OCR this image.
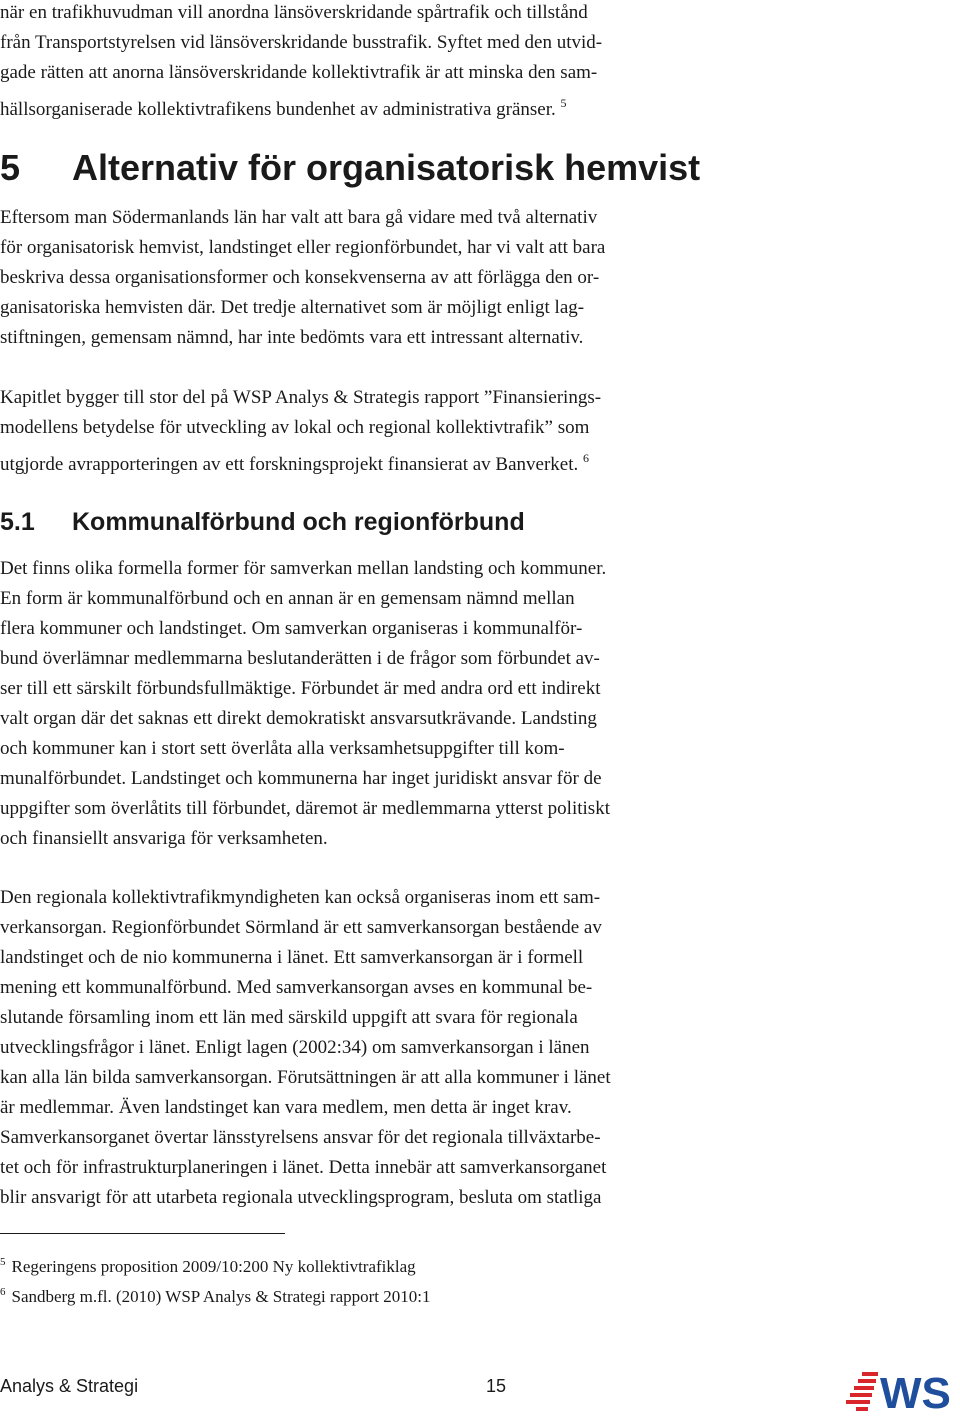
när en trafikhuvudman vill anordna länsöverskridande spårtrafik och tillstånd

från Transportstyrelsen vid länsöverskridande busstrafik. Syftet med den utvid-

gade rätten att anorna länsöverskridande kollektivtrafik är att minska den sam-

hällsorganiserade kollektivtrafikens bundenhet av administrativa gränser. $^5$

5 Alternativ för organisatorisk hemvist

Eftersom man Södermanlands län har valt att bara gå vidare med två alternativ

för organisatorisk hemvist, landstinget eller regionförbundet, har vi valt att bara

beskriva dessa organisationsformer och konsekvenserna av att förlägga den or-

ganisatoriska hemvisten där. Det tredje alternativet som är möjligt enligt lag-

stiftningen, gemensam nämnd, har inte bedömts vara ett intressant alternativ.

Kapitlet bygger till stor del på WSP Analys & Strategis rapport ”Finansierings-

modellens betydelse för utveckling av lokal och regional kollektivtrafik” som

utgjorde avrapporteringen av ett forskningsprojekt finansierat av Banverket. $^6$

5.1 Kommunalförbund och regionförbund

Det finns olika formella former för samverkan mellan landsting och kommuner.

En form är kommunalförbund och en annan är en gemensam nämnd mellan

flera kommuner och landstinget. Om samverkan organiseras i kommunalför-

bund överlämnar medlemmarna beslutanderätten i de frågor som förbundet av-

ser till ett särskilt förbundsfullmäktige. Förbundet är med andra ord ett indirekt

valt organ där det saknas ett direkt demokratiskt ansvarsutkrävande. Landsting

och kommuner kan i stort sett överlåta alla verksamhetsuppgifter till kom-

munalförbundet. Landstinget och kommunerna har inget juridiskt ansvar för de

uppgifter som överlåtits till förbundet, däremot är medlemmarna ytterst politiskt

och finansiellt ansvariga för verksamheten.

Den regionala kollektivtrafikmyndigheten kan också organiseras inom ett sam-

verkansorgan. Regionförbundet Sörmland är ett samverkansorgan bestående av

landstinget och de nio kommunerna i länet. Ett samverkansorgan är i formell

mening ett kommunalförbund. Med samverkansorgan avses en kommunal be-

slutande församling inom ett län med särskild uppgift att svara för regionala

utvecklingsfrågor i länet. Enligt lagen (2002:34) om samverkansorgan i länen

kan alla län bilda samverkansorgan. Förutsättningen är att alla kommuner i länet

är medlemmar. Även landstinget kan vara medlem, men detta är inget krav.

Samverkansorganet övertar länsstyrelsens ansvar för det regionala tillväxtarbe-

tet och för infrastrukturplaneringen i länet. Detta innebär att samverkansorganet

blir ansvarigt för att utarbeta regionala utvecklingsprogram, besluta om statliga

$^5$ Regeringens proposition 2009/10:200 Ny kollektivtrafiklag

$^6$ Sandberg m.fl. (2010) WSP Analys & Strategi rapport 2010:1

Analys & Strategi	15	WS
